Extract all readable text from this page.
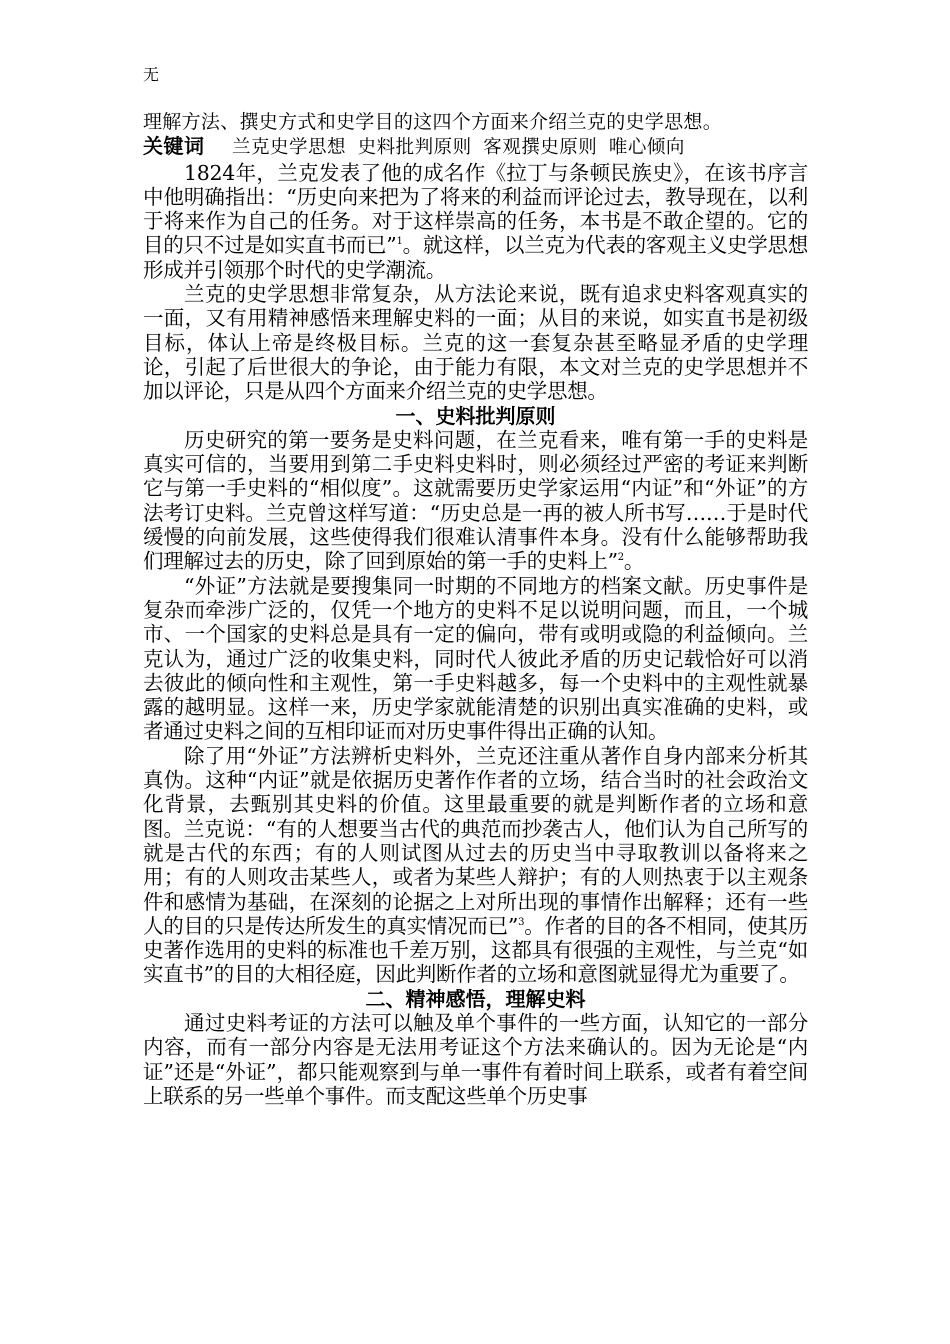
无

理解方法、撰史方式和史学目的这四个方面来介绍兰克的史学思想。

关键词 兰克史学思想 史料批判原则 客观撰史原则 唯心倾向

1824年，兰克发表了他的成名作《拉丁与条顿民族史》，在该书序言中他明确指出：“历史向来把为了将来的利益而评论过去，教导现在，以利于将来作为自己的任务。对于这样崇高的任务，本书是不敢企望的。它的目的只不过是如实直书而已”$^1$。就这样，以兰克为代表的客观主义史学思想形成并引领那个时代的史学潮流。

兰克的史学思想非常复杂，从方法论来说，既有追求史料客观真实的一面，又有用精神感悟来理解史料的一面；从目的来说，如实直书是初级目标，体认上帝是终极目标。兰克的这一套复杂甚至略显矛盾的史学理论，引起了后世很大的争论，由于能力有限，本文对兰克的史学思想并不加以评论，只是从四个方面来介绍兰克的史学思想。

一、史料批判原则

历史研究的第一要务是史料问题，在兰克看来，唯有第一手的史料是真实可信的，当要用到第二手史料史料时，则必须经过严密的考证来判断它与第一手史料的“相似度”。这就需要历史学家运用“内证”和“外证”的方法考订史料。兰克曾这样写道：“历史总是一再的被人所书写……于是时代缓慢的向前发展，这些使得我们很难认清事件本身。没有什么能够帮助我们理解过去的历史，除了回到原始的第一手的史料上”$^2$。

“外证”方法就是要搜集同一时期的不同地方的档案文献。历史事件是复杂而牵涉广泛的，仅凭一个地方的史料不足以说明问题，而且，一个城市、一个国家的史料总是具有一定的偏向，带有或明或隐的利益倾向。兰克认为，通过广泛的收集史料，同时代人彼此矛盾的历史记载恰好可以消去彼此的倾向性和主观性，第一手史料越多，每一个史料中的主观性就暴露的越明显。这样一来，历史学家就能清楚的识别出真实准确的史料，或者通过史料之间的互相印证而对历史事件得出正确的认知。

除了用“外证”方法辨析史料外，兰克还注重从著作自身内部来分析其真伪。这种“内证”就是依据历史著作作者的立场，结合当时的社会政治文化背景，去甄别其史料的价值。这里最重要的就是判断作者的立场和意图。兰克说：“有的人想要当古代的典范而抄袭古人，他们认为自己所写的就是古代的东西；有的人则试图从过去的历史当中寻取教训以备将来之用；有的人则攻击某些人，或者为某些人辩护；有的人则热衷于以主观条件和感情为基础，在深刻的论据之上对所出现的事情作出解释；还有一些人的目的只是传达所发生的真实情况而已”$^3$。作者的目的各不相同，使其历史著作选用的史料的标准也千差万别，这都具有很强的主观性，与兰克“如实直书”的目的大相径庭，因此判断作者的立场和意图就显得尤为重要了。

二、精神感悟，理解史料

通过史料考证的方法可以触及单个事件的一些方面，认知它的一部分内容，而有一部分内容是无法用考证这个方法来确认的。因为无论是“内证”还是“外证”，都只能观察到与单一事件有着时间上联系，或者有着空间上联系的另一些单个事件。而支配这些单个历史事
